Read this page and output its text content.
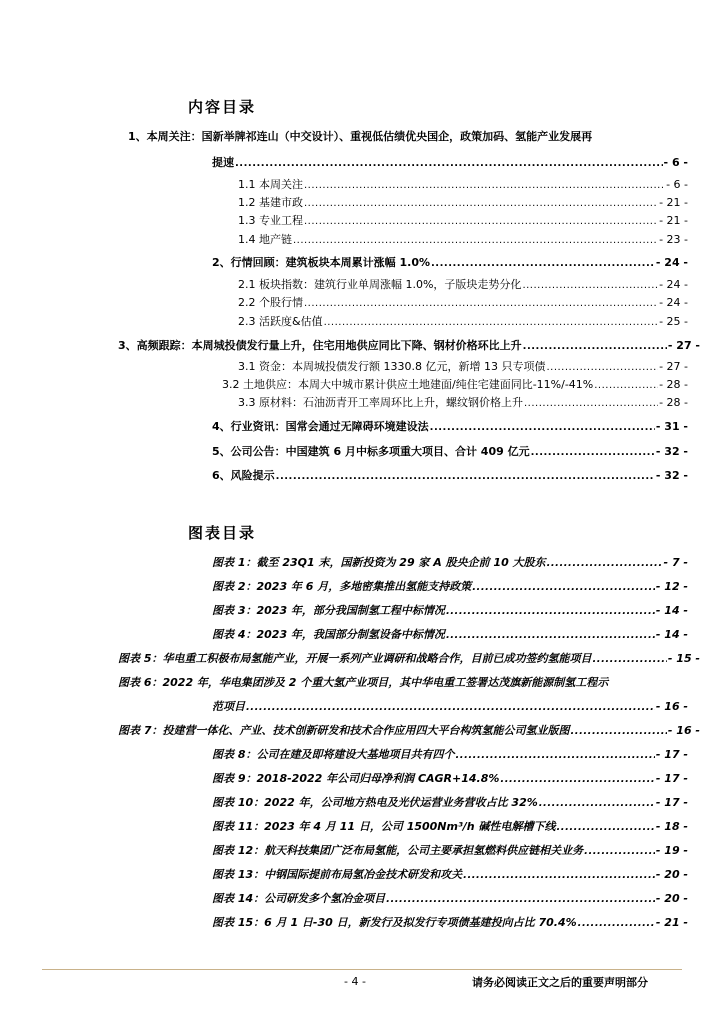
内容目录
1、本周关注：国新举牌祁连山（中交设计）、重视低估绩优央国企，政策加码、氢能产业发展再
提速 .....	- 6 -
1.1 本周关注 .....	- 6 -
1.2 基建市政 .....	- 21 -
1.3 专业工程 .....	- 21 -
1.4 地产链 .....	- 23 -
2、行情回顾：建筑板块本周累计涨幅 1.0% .....	- 24 -
2.1 板块指数：建筑行业单周涨幅 1.0%，子版块走势分化 .....	- 24 -
2.2 个股行情 .....	- 24 -
2.3 活跃度&估值 .....	- 25 -
3、高频跟踪：本周城投债发行量上升，住宅用地供应同比下降、钢材价格环比上升 .....	- 27 -
3.1 资金：本周城投债发行额 1330.8 亿元，新增 13 只专项债 .....	- 27 -
3.2 土地供应：本周大中城市累计供应土地建面/纯住宅建面同比-11%/-41% .....	- 28 -
3.3 原材料：石油沥青开工率周环比上升，螺纹钢价格上升 .....	- 28 -
4、行业资讯：国常会通过无障碍环境建设法 .....	- 31 -
5、公司公告：中国建筑 6 月中标多项重大项目、合计 409 亿元 .....	- 32 -
6、风险提示 .....	- 32 -
图表目录
图表 1：截至 23Q1 末，国新投资为 29 家 A 股央企前 10 大股东 .....	- 7 -
图表 2：2023 年 6 月，多地密集推出氢能支持政策 .....	- 12 -
图表 3：2023 年，部分我国制氢工程中标情况 .....	- 14 -
图表 4：2023 年，我国部分制氢设备中标情况 .....	- 14 -
图表 5：华电重工积极布局氢能产业，开展一系列产业调研和战略合作，目前已成功签约氢能项目 .....	- 15 -
图表 6：2022 年，华电集团涉及 2 个重大氢产业项目，其中华电重工签署达茂旗新能源制氢工程示
范项目 .....	- 16 -
图表 7：投建营一体化、产业、技术创新研发和技术合作应用四大平台构筑氢能公司氢业版图 .....	- 16 -
图表 8：公司在建及即将建设大基地项目共有四个 .....	- 17 -
图表 9：2018-2022 年公司归母净利润 CAGR+14.8% .....	- 17 -
图表 10：2022 年，公司地方热电及光伏运营业务营收占比 32% .....	- 17 -
图表 11：2023 年 4 月 11 日，公司 1500Nm³/h 碱性电解槽下线 .....	- 18 -
图表 12：航天科技集团广泛布局氢能，公司主要承担氢燃料供应链相关业务 .....	- 19 -
图表 13：中钢国际提前布局氢冶金技术研发和攻关 .....	- 20 -
图表 14：公司研发多个氢冶金项目 .....	- 20 -
图表 15：6 月 1 日-30 日，新发行及拟发行专项债基建投向占比 70.4% .....	- 21 -
- 4 -	请务必阅读正文之后的重要声明部分
